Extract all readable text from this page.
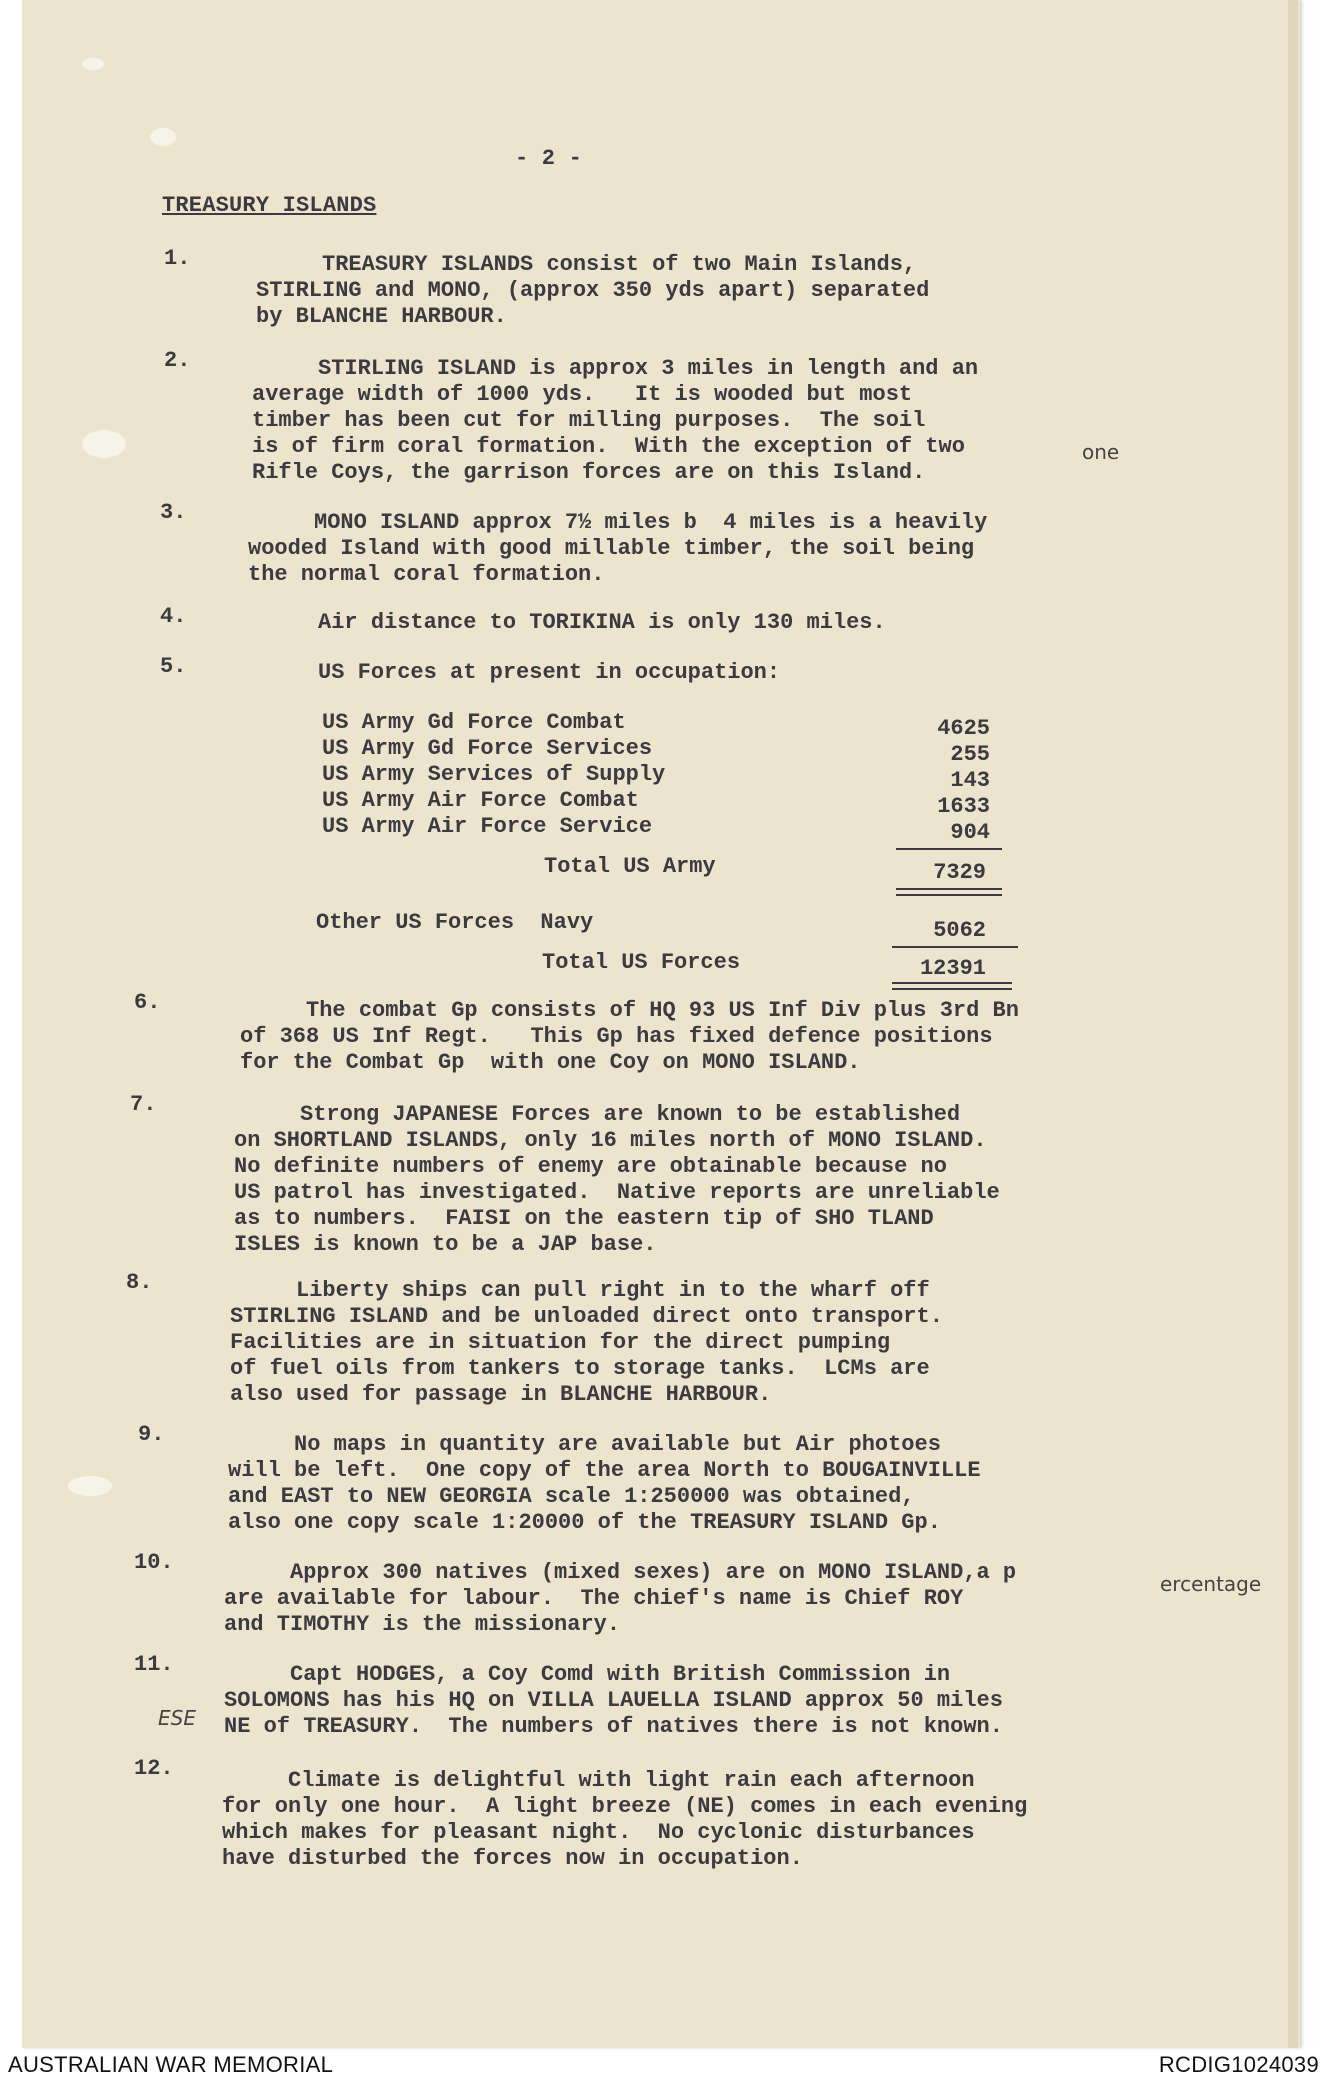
- 2 -
TREASURY ISLANDS
1.	TREASURY ISLANDS consist of two Main Islands,
STIRLING and MONO, (approx 350 yds apart) separated
by BLANCHE HARBOUR.
2.	STIRLING ISLAND is approx 3 miles in length and an
average width of 1000 yds.   It is wooded but most
timber has been cut for milling purposes.  The soil
is of firm coral formation.  With the exception of two
Rifle Coys, the garrison forces are on this Island.
one
3.	MONO ISLAND approx 7½ miles b  4 miles is a heavily
wooded Island with good millable timber, the soil being
the normal coral formation.
4.	Air distance to TORIKINA is only 130 miles.
5.	US Forces at present in occupation:
US Army Gd Force Combat	4625
US Army Gd Force Services	255
US Army Services of Supply	143
US Army Air Force Combat	1633
US Army Air Force Service	904
Total US Army	7329
Other US Forces  Navy	5062
Total US Forces	12391
6.	The combat Gp consists of HQ 93 US Inf Div plus 3rd Bn
of 368 US Inf Regt.   This Gp has fixed defence positions
for the Combat Gp  with one Coy on MONO ISLAND.
7.	Strong JAPANESE Forces are known to be established
on SHORTLAND ISLANDS, only 16 miles north of MONO ISLAND.
No definite numbers of enemy are obtainable because no
US patrol has investigated.  Native reports are unreliable
as to numbers.  FAISI on the eastern tip of SHO TLAND
ISLES is known to be a JAP base.
8.	Liberty ships can pull right in to the wharf off
STIRLING ISLAND and be unloaded direct onto transport.
Facilities are in situation for the direct pumping
of fuel oils from tankers to storage tanks.  LCMs are
also used for passage in BLANCHE HARBOUR.
9.	No maps in quantity are available but Air photoes
will be left.  One copy of the area North to BOUGAINVILLE
and EAST to NEW GEORGIA scale 1:250000 was obtained,
also one copy scale 1:20000 of the TREASURY ISLAND Gp.
10. Approx 300 natives (mixed sexes) are on MONO ISLAND,a p	ercentage
are available for labour.  The chief's name is Chief ROY
and TIMOTHY is the missionary.
11. Capt HODGES, a Coy Comd with British Commission in
SOLOMONS has his HQ on VILLA LAUELLA ISLAND approx 50 miles
ESE NE of TREASURY.  The numbers of natives there is not known.
12. Climate is delightful with light rain each afternoon
for only one hour.  A light breeze (NE) comes in each evening
which makes for pleasant night.  No cyclonic disturbances
have disturbed the forces now in occupation.
AUSTRALIAN WAR MEMORIAL	RCDIG1024039
